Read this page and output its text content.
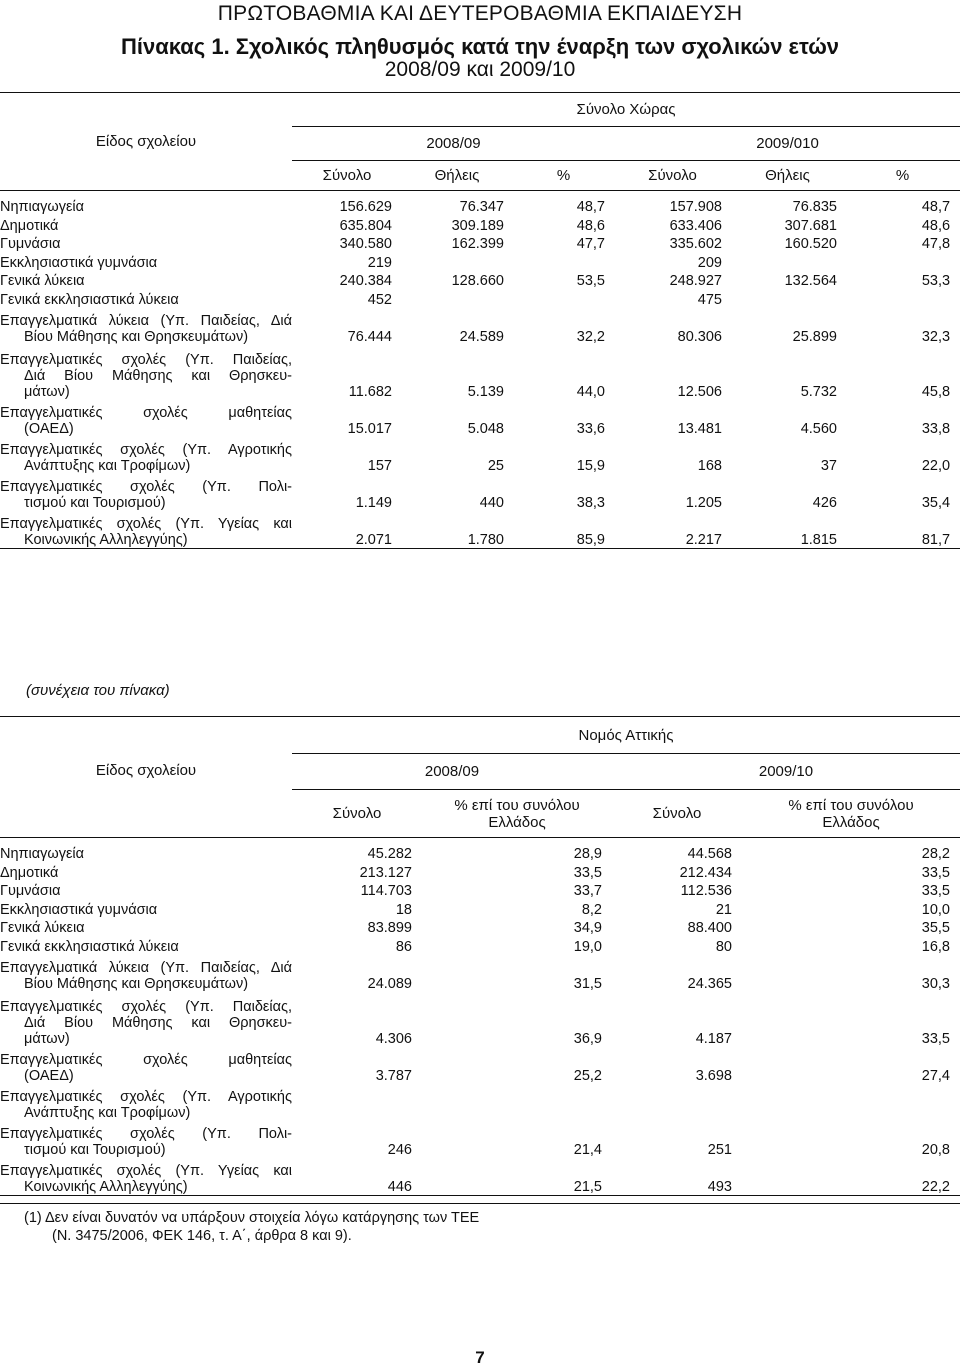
ΠΡΩΤΟΒΑΘΜΙΑ ΚΑΙ ΔΕΥΤΕΡΟΒΑΘΜΙΑ ΕΚΠΑΙΔΕΥΣΗ

Πίνακας 1. Σχολικός πληθυσμός κατά την έναρξη των σχολικών ετών

2008/09 και 2009/10

	Σύνολο Χώρας					
Είδος σχολείου	2008/09			2009/010		
	Σύνολο	Θήλεις	%	Σύνολο	Θήλεις	%

Νηπιαγωγεία	156.629	76.347	48,7	157.908	76.835	48,7

Δημοτικά	635.804	309.189	48,6	633.406	307.681	48,6

Γυμνάσια	340.580	162.399	47,7	335.602	160.520	47,8

Εκκλησιαστικά γυμνάσια	219			209		

Γενικά λύκεια	240.384	128.660	53,5	248.927	132.564	53,3

Γενικά εκκλησιαστικά λύκεια	452			475		

Επαγγελματικά λύκεια (Υπ. Παιδείας, Διά
Βίου Μάθησης και Θρησκευμάτων)	76.444	24.589	32,2	80.306	25.899	32,3

Επαγγελματικές σχολές (Υπ. Παιδείας,
Διά Βίου Μάθησης και Θρησκευ-
μάτων)	11.682	5.139	44,0	12.506	5.732	45,8

Επαγγελματικές σχολές μαθητείας
(ΟΑΕΔ)	15.017	5.048	33,6	13.481	4.560	33,8

Επαγγελματικές σχολές (Υπ. Αγροτικής
Ανάπτυξης και Τροφίμων)	157	25	15,9	168	37	22,0

Επαγγελματικές σχολές (Υπ. Πολι-
τισμού και Τουρισμού)	1.149	440	38,3	1.205	426	35,4

Επαγγελματικές σχολές (Υπ. Υγείας και
Κοινωνικής Αλληλεγγύης)	2.071	1.780	85,9	2.217	1.815	81,7

(συνέχεια του πίνακα)

	Νομός Αττικής			
Είδος σχολείου	2008/09		2009/10	
	Σύνολο	% επί του συνόλου
Ελλάδος	Σύνολο	% επί του συνόλου
Ελλάδος

Νηπιαγωγεία	45.282	28,9	44.568	28,2

Δημοτικά	213.127	33,5	212.434	33,5

Γυμνάσια	114.703	33,7	112.536	33,5

Εκκλησιαστικά γυμνάσια	18	8,2	21	10,0

Γενικά λύκεια	83.899	34,9	88.400	35,5

Γενικά εκκλησιαστικά λύκεια	86	19,0	80	16,8

Επαγγελματικά λύκεια (Υπ. Παιδείας, Διά
Βίου Μάθησης και Θρησκευμάτων)	24.089	31,5	24.365	30,3

Επαγγελματικές σχολές (Υπ. Παιδείας,
Διά Βίου Μάθησης και Θρησκευ-
μάτων)	4.306	36,9	4.187	33,5

Επαγγελματικές σχολές μαθητείας
(ΟΑΕΔ)	3.787	25,2	3.698	27,4

Επαγγελματικές σχολές (Υπ. Αγροτικής
Ανάπτυξης και Τροφίμων)				

Επαγγελματικές σχολές (Υπ. Πολι-
τισμού και Τουρισμού)	246	21,4	251	20,8

Επαγγελματικές σχολές (Υπ. Υγείας και
Κοινωνικής Αλληλεγγύης)	446	21,5	493	22,2

(1) Δεν είναι δυνατόν να υπάρξουν στοιχεία λόγω κατάργησης των ΤΕΕ
(Ν. 3475/2006, ΦΕΚ 146, τ. Α΄, άρθρα 8 και 9).

7
